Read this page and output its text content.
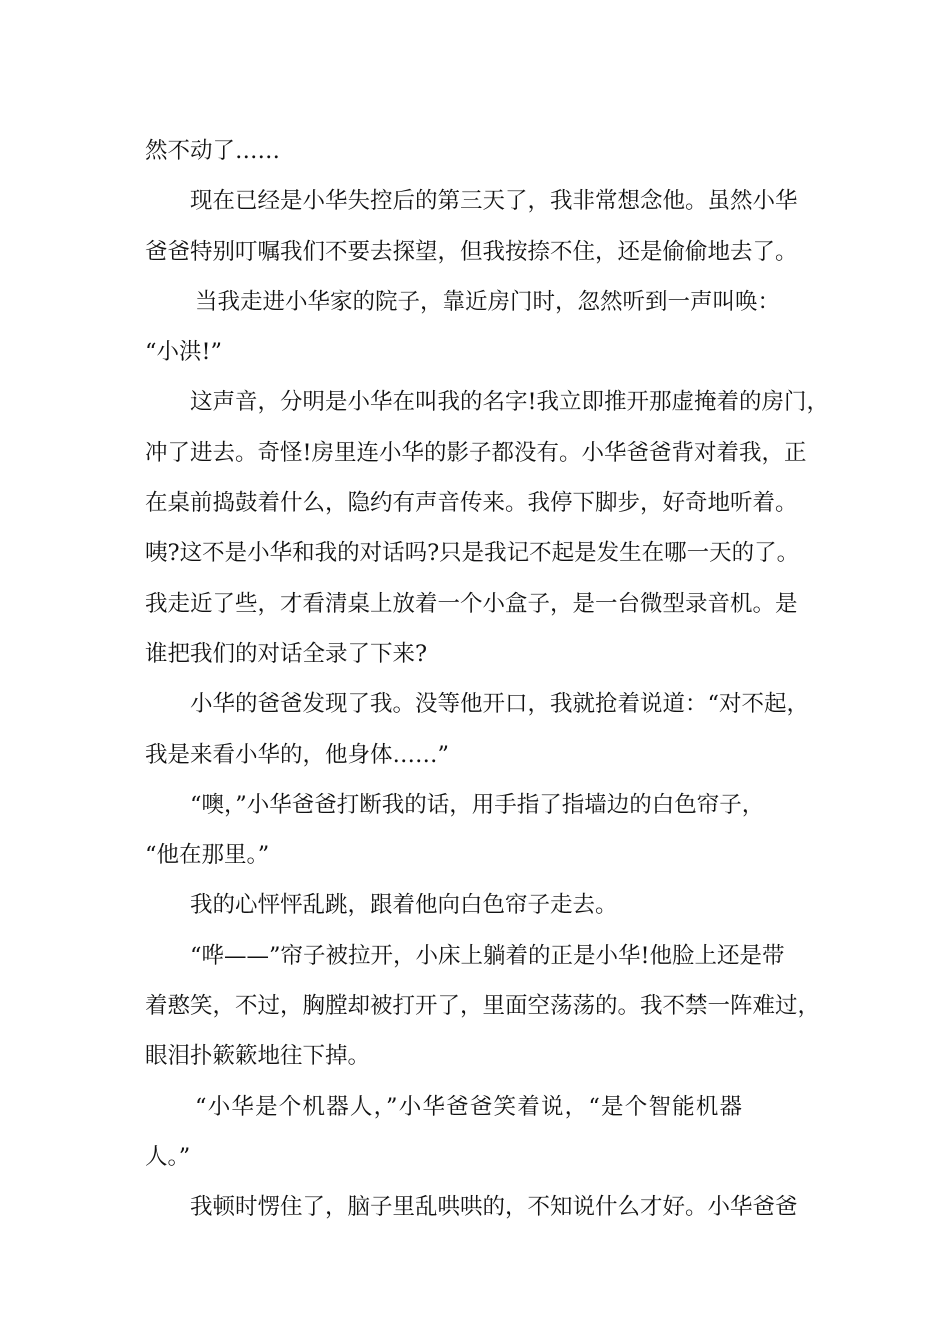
然不动了……
现在已经是小华失控后的第三天了，我非常想念他。虽然小华
爸爸特别叮嘱我们不要去探望，但我按捺不住，还是偷偷地去了。
当我走进小华家的院子，靠近房门时，忽然听到一声叫唤：
“小洪!”
这声音，分明是小华在叫我的名字!我立即推开那虚掩着的房门，
冲了进去。奇怪!房里连小华的影子都没有。小华爸爸背对着我，正
在桌前捣鼓着什么，隐约有声音传来。我停下脚步，好奇地听着。
咦?这不是小华和我的对话吗?只是我记不起是发生在哪一天的了。
我走近了些，才看清桌上放着一个小盒子，是一台微型录音机。是
谁把我们的对话全录了下来?
小华的爸爸发现了我。没等他开口，我就抢着说道：“对不起，
我是来看小华的，他身体……”
“噢，”小华爸爸打断我的话，用手指了指墙边的白色帘子，
“他在那里。”
我的心怦怦乱跳，跟着他向白色帘子走去。
“哗——”帘子被拉开，小床上躺着的正是小华!他脸上还是带
着憨笑，不过，胸膛却被打开了，里面空荡荡的。我不禁一阵难过，
眼泪扑簌簌地往下掉。
“小华是个机器人，”小华爸爸笑着说，“是个智能机器
人。”
我顿时愣住了，脑子里乱哄哄的，不知说什么才好。小华爸爸
